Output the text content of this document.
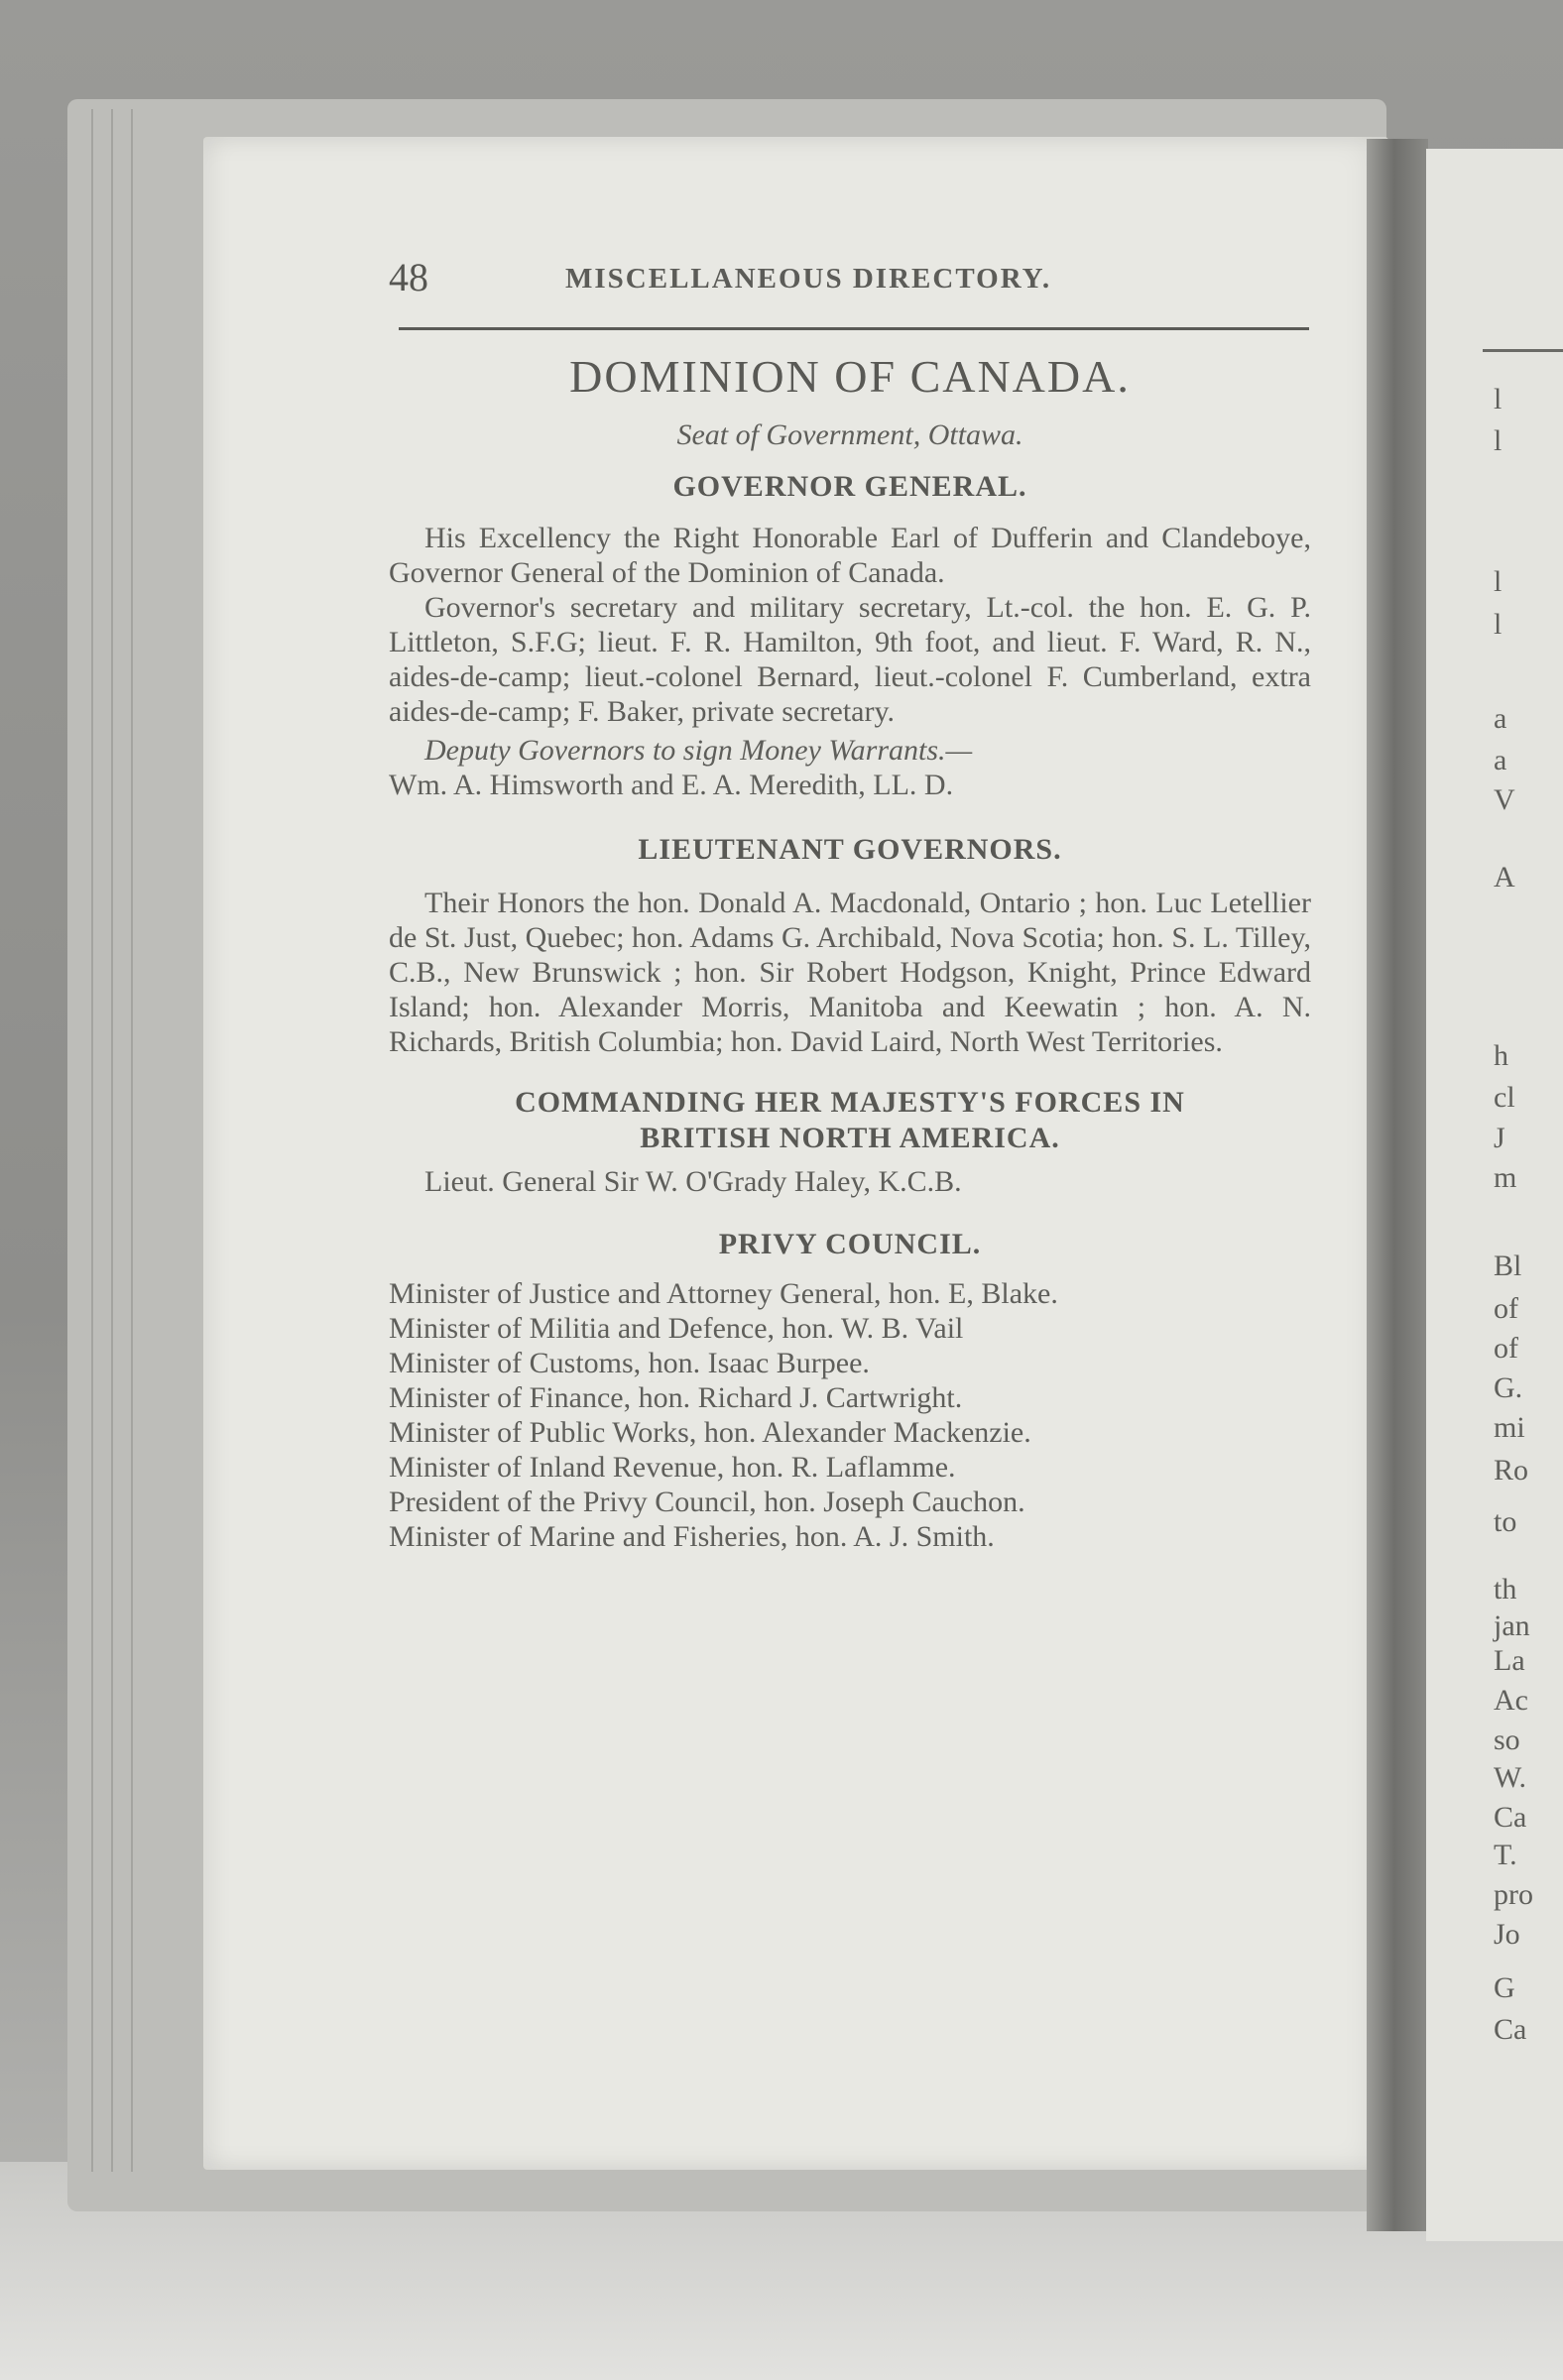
l
l
l
l
a
a
V
A
h
cl
J
m
Bl
of
of
G.
mi
Ro
to
th
jan
La
Ac
so
W.
Ca
T.
pro
Jo
G
Ca
48	MISCELLANEOUS DIRECTORY.
DOMINION OF CANADA.
Seat of Government, Ottawa.
GOVERNOR GENERAL.

His Excellency the Right Honorable Earl of Dufferin and Clandeboye, Governor General of the Dominion of Canada.

Governor's secretary and military secretary, Lt.-col. the hon. E. G. P. Littleton, S.F.G; lieut. F. R. Hamilton, 9th foot, and lieut. F. Ward, R. N., aides-de-camp; lieut.-colonel Bernard, lieut.-colonel F. Cumberland, extra aides-de-camp; F. Baker, private secretary.

Deputy Governors to sign Money Warrants.—

Wm. A. Himsworth and E. A. Meredith, LL. D.

LIEUTENANT GOVERNORS.

Their Honors the hon. Donald A. Macdonald, Ontario ; hon. Luc Letellier de St. Just, Quebec; hon. Adams G. Archibald, Nova Scotia; hon. S. L. Tilley, C.B., New Brunswick ; hon. Sir Robert Hodgson, Knight, Prince Edward Island; hon. Alexander Morris, Manitoba and Keewatin ; hon. A. N. Richards, British Columbia; hon. David Laird, North West Territories.

COMMANDING HER MAJESTY'S FORCES IN
BRITISH NORTH AMERICA.

Lieut. General Sir W. O'Grady Haley, K.C.B.

PRIVY COUNCIL.

Minister of Justice and Attorney General, hon. E, Blake.

Minister of Militia and Defence, hon. W. B. Vail

Minister of Customs, hon. Isaac Burpee.

Minister of Finance, hon. Richard J. Cartwright.

Minister of Public Works, hon. Alexander Mackenzie.

Minister of Inland Revenue, hon. R. Laflamme.

President of the Privy Council, hon. Joseph Cauchon.

Minister of Marine and Fisheries, hon. A. J. Smith.
